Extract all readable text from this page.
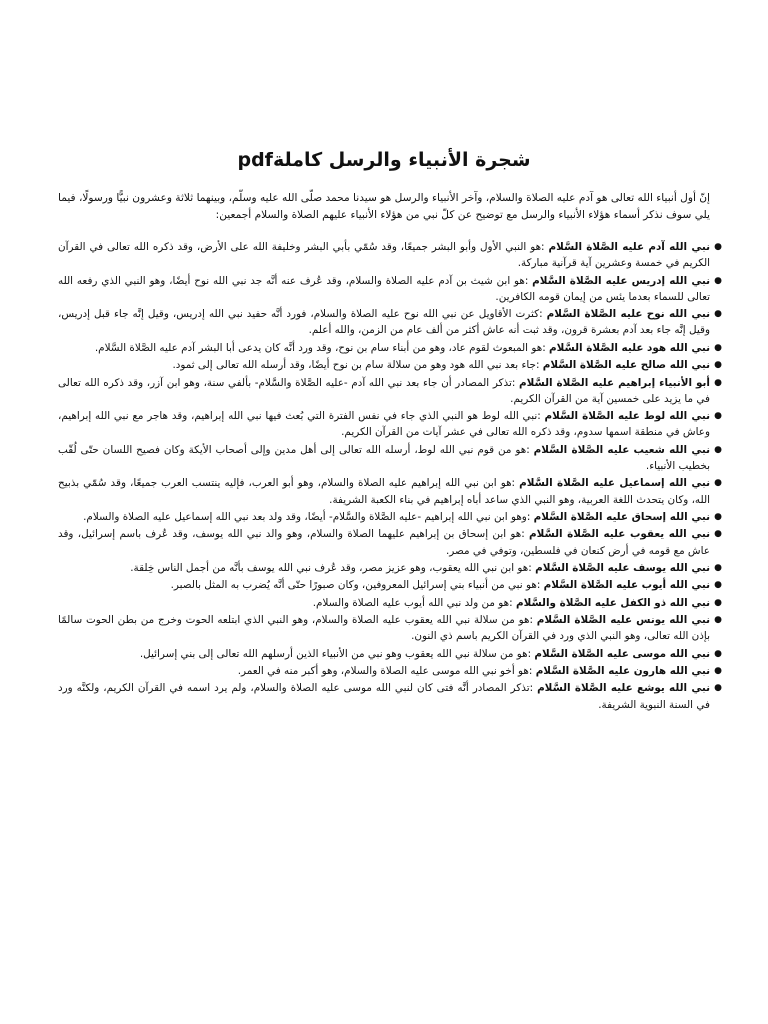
شجرة الأنبياء والرسل كاملةpdf

إنّ أول أنبياء الله تعالى هو آدم عليه الصلاة والسلام، وآخر الأنبياء والرسل هو سيدنا محمد صلّى الله عليه وسلّم، وبينهما ثلاثة وعشرون نبيًّا ورسولًا، فيما يلي سوف نذكر أسماء هؤلاء الأنبياء والرسل مع توضيح عن كلّ نبي من هؤلاء الأنبياء عليهم الصلاة والسلام أجمعين:

●
نبي الله آدم عليه الصَّلاة السَّلام :هو النبي الأول وأبو البشر جميعًا، وقد سُمّي بأبي البشر وخليفة الله على الأرض، وقد ذكره الله تعالى في القرآن الكريم في خمسة وعشرين آية قرآنية مباركة.
●
نبي الله إدريس عليه الصَّلاة السَّلام :هو ابن شيث بن آدم عليه الصلاة والسلام، وقد عُرف عنه أنَّه جد نبي الله نوح أيضًا، وهو النبي الذي رفعه الله تعالى للسماء بعدما يئس من إيمان قومه الكافرين.
●
نبي الله نوح عليه الصَّلاة السَّلام :كثرت الأقاويل عن نبي الله نوح عليه الصلاة والسلام، فورد أنَّه حفيد نبي الله إدريس، وقيل إنَّه جاء قبل إدريس، وقيل إنَّه جاء بعد آدم بعشرة قرون، وقد ثبت أنه عاش أكثر من ألف عام من الزمن، والله أعلم.
●
نبي الله هود عليه الصَّلاة السَّلام :هو المبعوث لقوم عاد، وهو من أبناء سام بن نوح، وقد ورد أنَّه كان يدعى أبا البشر آدم عليه الصَّلاة السَّلام.
●
نبي الله صالح عليه الصَّلاة السَّلام :جاء بعد نبي الله هود وهو من سلالة سام بن نوح أيضًا، وقد أرسله الله تعالى إلى ثمود.
●
أبو الأنبياء إبراهيم عليه الصَّلاة السَّلام :تذكر المصادر أن جاء بعد نبي الله آدم -عليه الصَّلاة والسَّلام- بألفي سنة، وهو ابن آزر، وقد ذكره الله تعالى في ما يزيد على خمسين آية من القرآن الكريم.
●
نبي الله لوط عليه الصَّلاة السَّلام :نبي الله لوط هو النبي الذي جاء في نفس الفترة التي بُعث فيها نبي الله إبراهيم، وقد هاجر مع نبي الله إبراهيم، وعاش في منطقة اسمها سدوم، وقد ذكره الله تعالى في عشر آيات من القرآن الكريم.
●
نبي الله شعيب عليه الصَّلاة السَّلام :هو من قوم نبي الله لوط، أرسله الله تعالى إلى أهل مدين وإلى أصحاب الأيكة وكان فصيح اللسان حتّى لُقّب بخطيب الأنبياء.
●
نبي الله إسماعيل عليه الصَّلاة السَّلام :هو ابن نبي الله إبراهيم عليه الصلاة والسلام، وهو أبو العرب، فإليه ينتسب العرب جميعًا، وقد سُمّي بذبيح الله، وكان يتحدث اللغة العربية، وهو النبي الذي ساعد أباه إبراهيم في بناء الكعبة الشريفة.
●
نبي الله إسحاق عليه الصَّلاة السَّلام :وهو ابن نبي الله إبراهيم -عليه الصَّلاة والسَّلام- أيضًا، وقد ولد بعد نبي الله إسماعيل عليه الصلاة والسلام.
●
نبي الله يعقوب عليه الصَّلاة السَّلام :هو ابن إسحاق بن إبراهيم عليهما الصلاة والسلام، وهو والد نبي الله يوسف، وقد عُرف باسم إسرائيل، وقد عاش مع قومه في أرض كنعان في فلسطين، وتوفي في مصر.
●
نبي الله يوسف عليه الصَّلاة السَّلام :هو ابن نبي الله يعقوب، وهو عزيز مصر، وقد عُرف نبي الله يوسف بأنَّه من أجمل الناس خِلقة.
●
نبي الله أيوب عليه الصَّلاة السَّلام :هو نبي من أنبياء بني إسرائيل المعروفين، وكان صبورًا حتّى أنَّه يُضرب به المثل بالصبر.
●
نبي الله ذو الكفل عليه الصَّلاة والسَّلام :هو من ولد نبي الله أيوب عليه الصلاة والسلام.
●
نبي الله يونس عليه الصَّلاة السَّلام :هو من سلالة نبي الله يعقوب عليه الصلاة والسلام، وهو النبي الذي ابتلعه الحوت وخرج من بطن الحوت سالمًا بإذن الله تعالى، وهو النبي الذي ورد في القرآن الكريم باسم ذي النون.
●
نبي الله موسى عليه الصَّلاة السَّلام :هو من سلالة نبي الله يعقوب وهو نبي من الأنبياء الذين أرسلهم الله تعالى إلى بني إسرائيل.
●
نبي الله هارون عليه الصَّلاة السَّلام :هو أخو نبي الله موسى عليه الصلاة والسلام، وهو أكبر منه في العمر.
●
نبي الله يوشع عليه الصَّلاة السَّلام :تذكر المصادر أنَّه فتى كان لنبي الله موسى عليه الصلاة والسلام، ولم يرد اسمه في القرآن الكريم، ولكنَّه ورد في السنة النبوية الشريفة.
